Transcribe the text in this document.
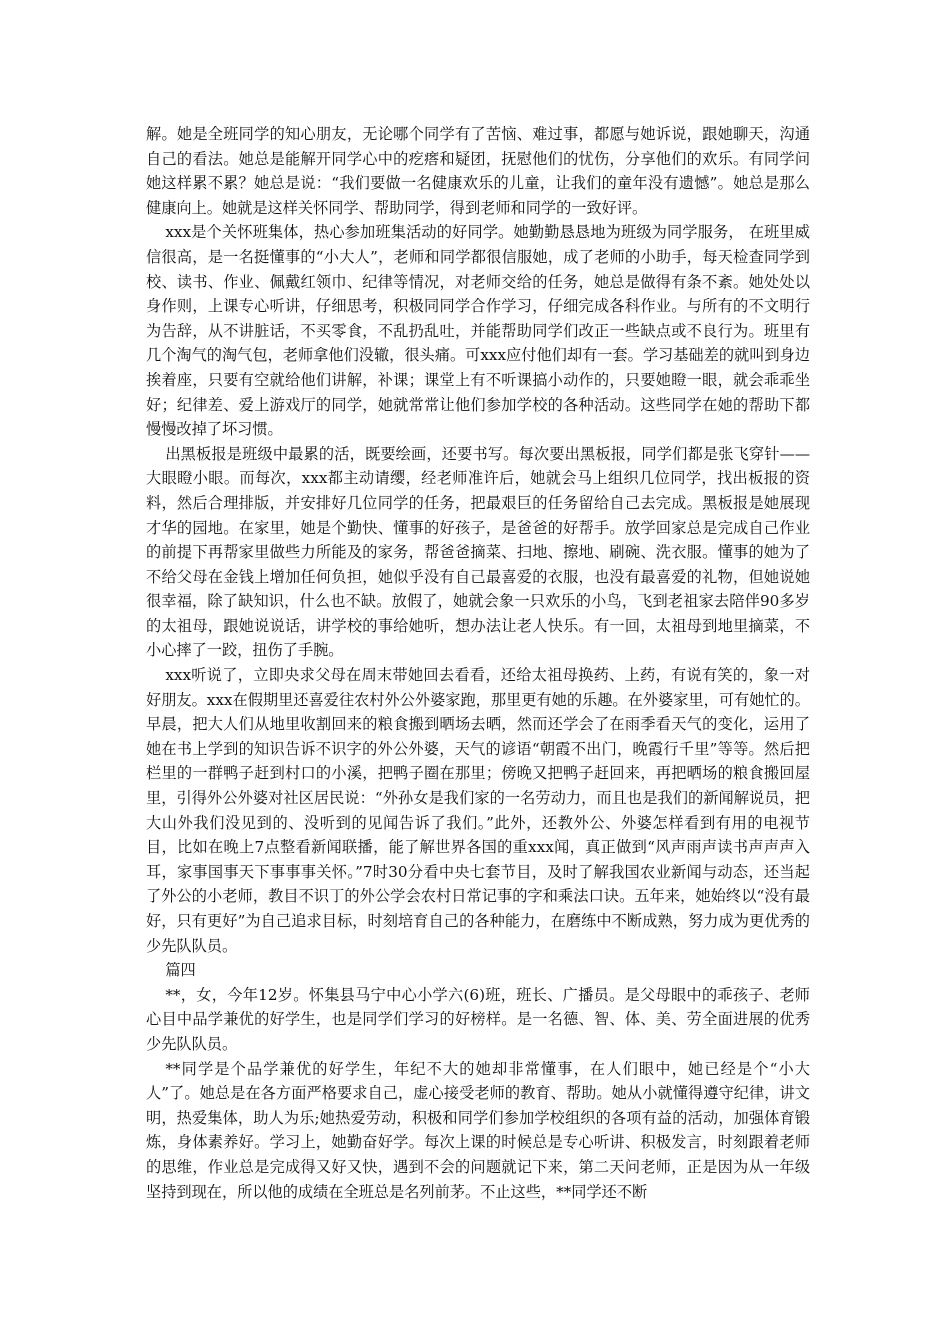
解。她是全班同学的知心朋友，无论哪个同学有了苦恼、难过事，都愿与她诉说，跟她聊天，沟通自己的看法。她总是能解开同学心中的疙瘩和疑团，抚慰他们的忧伤，分享他们的欢乐。有同学问她这样累不累？她总是说：“我们要做一名健康欢乐的儿童，让我们的童年没有遗憾”。她总是那么健康向上。她就是这样关怀同学、帮助同学，得到老师和同学的一致好评。

xxx是个关怀班集体，热心参加班集活动的好同学。她勤勤恳恳地为班级为同学服务， 在班里威信很高，是一名挺懂事的“小大人”，老师和同学都很信服她，成了老师的小助手，每天检查同学到校、读书、作业、佩戴红领巾、纪律等情况，对老师交给的任务，她总是做得有条不紊。她处处以身作则，上课专心听讲，仔细思考，积极同同学合作学习，仔细完成各科作业。与所有的不文明行为告辞，从不讲脏话，不买零食，不乱扔乱吐，并能帮助同学们改正一些缺点或不良行为。班里有几个淘气的淘气包，老师拿他们没辙，很头痛。可xxx应付他们却有一套。学习基础差的就叫到身边挨着座，只要有空就给他们讲解，补课；课堂上有不听课搞小动作的，只要她瞪一眼，就会乖乖坐好；纪律差、爱上游戏厅的同学，她就常常让他们参加学校的各种活动。这些同学在她的帮助下都慢慢改掉了坏习惯。

出黑板报是班级中最累的活，既要绘画，还要书写。每次要出黑板报，同学们都是张飞穿针——大眼瞪小眼。而每次，xxx都主动请缨，经老师准许后，她就会马上组织几位同学，找出板报的资料，然后合理排版，并安排好几位同学的任务，把最艰巨的任务留给自己去完成。黑板报是她展现才华的园地。在家里，她是个勤快、懂事的好孩子，是爸爸的好帮手。放学回家总是完成自己作业的前提下再帮家里做些力所能及的家务，帮爸爸摘菜、扫地、擦地、刷碗、洗衣服。懂事的她为了不给父母在金钱上增加任何负担，她似乎没有自己最喜爱的衣服，也没有最喜爱的礼物，但她说她很幸福，除了缺知识，什么也不缺。放假了，她就会象一只欢乐的小鸟，飞到老祖家去陪伴90多岁的太祖母，跟她说说话，讲学校的事给她听，想办法让老人快乐。有一回，太祖母到地里摘菜，不小心摔了一跤，扭伤了手腕。

xxx听说了，立即央求父母在周末带她回去看看，还给太祖母换药、上药，有说有笑的，象一对好朋友。xxx在假期里还喜爱往农村外公外婆家跑，那里更有她的乐趣。在外婆家里，可有她忙的。早晨，把大人们从地里收割回来的粮食搬到晒场去晒，然而还学会了在雨季看天气的变化，运用了她在书上学到的知识告诉不识字的外公外婆，天气的谚语“朝霞不出门，晚霞行千里”等等。然后把栏里的一群鸭子赶到村口的小溪，把鸭子圈在那里；傍晚又把鸭子赶回来，再把晒场的粮食搬回屋里，引得外公外婆对社区居民说：“外孙女是我们家的一名劳动力，而且也是我们的新闻解说员，把大山外我们没见到的、没听到的见闻告诉了我们。”此外，还教外公、外婆怎样看到有用的电视节目，比如在晚上7点整看新闻联播，能了解世界各国的重xxx闻，真正做到“风声雨声读书声声声入耳，家事国事天下事事事关怀。”7时30分看中央七套节目，及时了解我国农业新闻与动态，还当起了外公的小老师，教目不识丁的外公学会农村日常记事的字和乘法口诀。五年来，她始终以“没有最好，只有更好”为自己追求目标，时刻培育自己的各种能力，在磨练中不断成熟，努力成为更优秀的少先队队员。

篇四

**，女，今年12岁。怀集县马宁中心小学六(6)班，班长、广播员。是父母眼中的乖孩子、老师心目中品学兼优的好学生，也是同学们学习的好榜样。是一名德、智、体、美、劳全面进展的优秀少先队队员。

**同学是个品学兼优的好学生，年纪不大的她却非常懂事，在人们眼中，她已经是个“小大人”了。她总是在各方面严格要求自己，虚心接受老师的教育、帮助。她从小就懂得遵守纪律，讲文明，热爱集体，助人为乐;她热爱劳动，积极和同学们参加学校组织的各项有益的活动，加强体育锻炼，身体素养好。学习上，她勤奋好学。每次上课的时候总是专心听讲、积极发言，时刻跟着老师的思维，作业总是完成得又好又快，遇到不会的问题就记下来，第二天问老师，正是因为从一年级坚持到现在，所以他的成绩在全班总是名列前茅。不止这些，**同学还不断
